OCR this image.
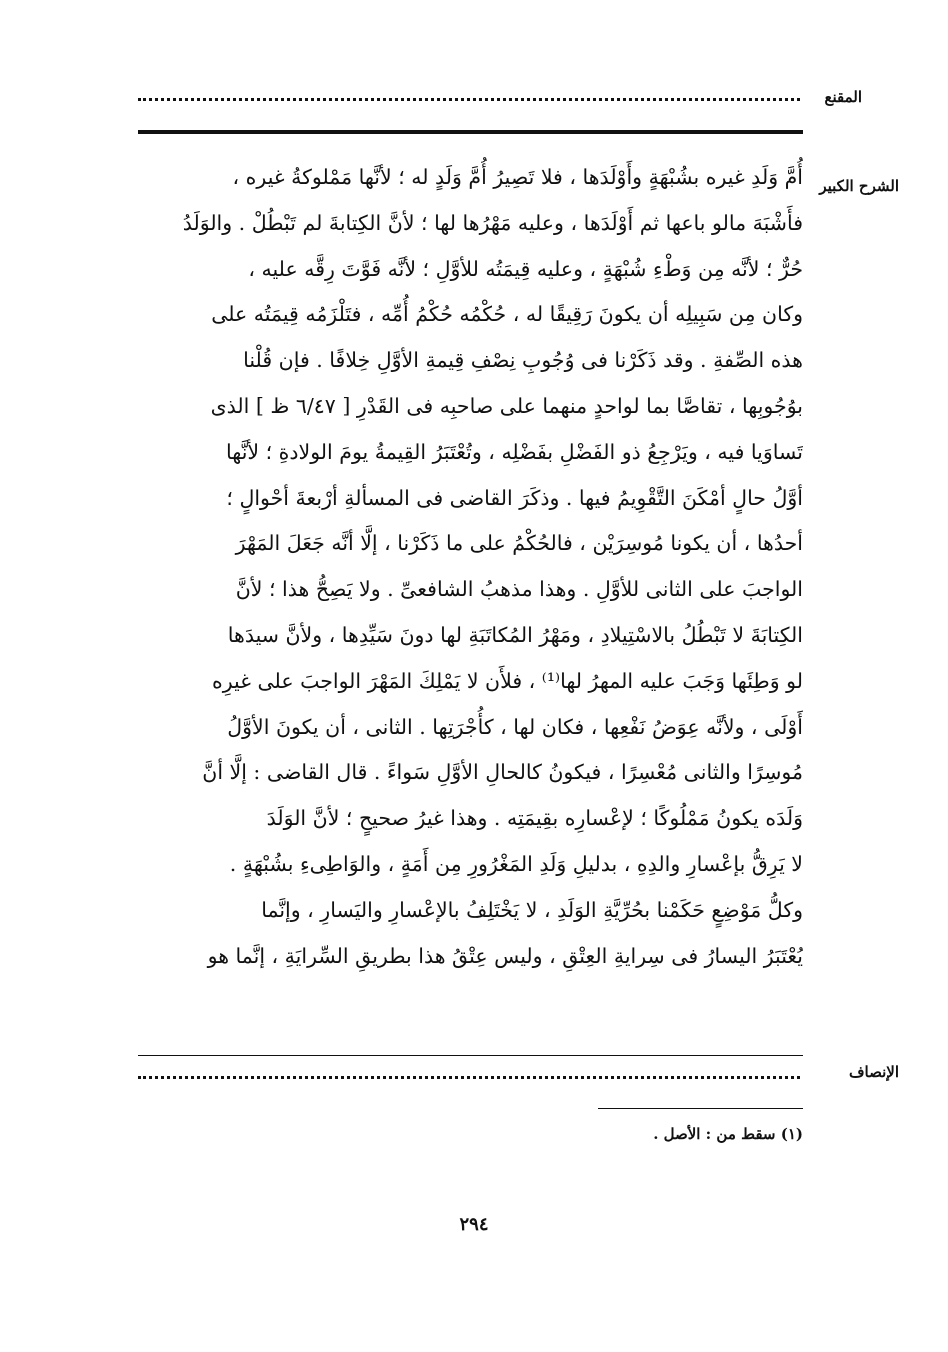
المقنع
الشرح الكبير
أُمَّ وَلَدِ غيره بشُبْهَةٍ وأَوْلَدَها ، فلا تَصِيرُ أُمَّ وَلَدٍ له ؛ لأنَّها مَمْلوكةُ غيره ،
فأَشْبَهَ مالو باعها ثم أَوْلَدَها ، وعليه مَهْرُها لها ؛ لأنَّ الكِتابةَ لم تَبْطُلْ . والوَلَدُ
حُرٌّ ؛ لأنَّه مِن وَطْءِ شُبْهَةٍ ، وعليه قِيمَتُه للأوَّلِ ؛ لأنَّه فَوَّتَ رِقَّه عليه ،
وكان مِن سَبِيلِه أن يكونَ رَقِيقًا له ، حُكْمُه حُكْمُ أُمِّه ، فتَلْزَمُه قِيمَتُه على
هذه الصِّفةِ . وقد ذَكَرْنا فى وُجُوبِ نِصْفِ قِيمةِ الأوَّلِ خِلافًا . فإن قُلْنا
بوُجُوبِها ، تقاصَّا بما لواحدٍ منهما على صاحبِه فى القَدْرِ [ ٦/٤٧ ظ ] الذى
تَساوَيا فيه ، ويَرْجِعُ ذو الفَضْلِ بفَضْلِه ، وتُعْتَبَرُ القِيمةُ يومَ الولادةِ ؛ لأنَّها
أوَّلُ حالٍ أمْكَنَ التَّقْوِيمُ فيها . وذكَرَ القاضى فى المسألةِ أرْبعةَ أحْوالٍ ؛
أحدُها ، أن يكونا مُوسِرَيْن ، فالحُكْمُ على ما ذَكَرْنا ، إلَّا أنَّه جَعَلَ المَهْرَ
الواجبَ على الثانى للأوَّلِ . وهذا مذهبُ الشافعىِّ . ولا يَصِحُّ هذا ؛ لأنَّ
الكِتابَةَ لا تَبْطُلُ بالاسْتِيلادِ ، ومَهْرُ المُكاتَبَةِ لها دونَ سَيِّدِها ، ولأنَّ سيدَها
لو وَطِئَها وَجَبَ عليه المهرُ لها⁽¹⁾ ، فلأَن لا يَمْلِكَ المَهْرَ الواجبَ على غيرِه
أَوْلَى ، ولأنَّه عِوَضُ نَفْعِها ، فكان لها ، كأُجْرَتِها . الثانى ، أن يكونَ الأوَّلُ
مُوسِرًا والثانى مُعْسِرًا ، فيكونُ كالحالِ الأوَّلِ سَواءً . قال القاضى : إلَّا أنَّ
وَلَدَه يكونُ مَمْلُوكًا ؛ لإعْسارِه بقِيمَتِه . وهذا غيرُ صحيحٍ ؛ لأنَّ الوَلَدَ
لا يَرِقُّ بإعْسارِ والدِهِ ، بدليلِ وَلَدِ المَغْرُورِ مِن أَمَةٍ ، والوَاطِىءِ بشُبْهَةٍ .
وكلُّ مَوْضِعٍ حَكَمْنا بحُرِّيَّةِ الوَلَدِ ، لا يَخْتَلِفُ بالإعْسارِ واليَسارِ ، وإنَّما
يُعْتَبَرُ اليسارُ فى سِرايةِ العِتْقِ ، وليس عِتْقُ هذا بطريقِ السِّرايَةِ ، إنَّما هو
الإنصاف
(١) سقط من : الأصل .
٢٩٤
